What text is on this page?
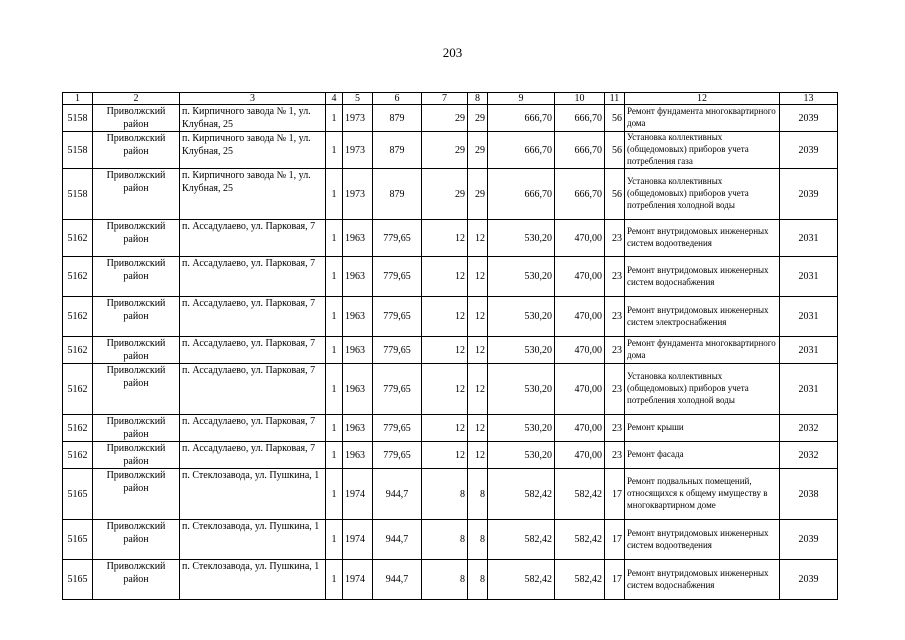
203
1	2	3	4	5	6	7	8	9	10	11	12	13
5158	Приволжский район	п. Кирпичного завода № 1, ул. Клубная, 25	1	1973	879	29	29	666,70	666,70	56	Ремонт фундамента многоквартирного дома	2039
5158	Приволжский район	п. Кирпичного завода № 1, ул. Клубная, 25	1	1973	879	29	29	666,70	666,70	56	Установка коллективных (общедомовых) приборов учета потребления газа	2039
5158	Приволжский район	п. Кирпичного завода № 1, ул. Клубная, 25	1	1973	879	29	29	666,70	666,70	56	Установка коллективных (общедомовых) приборов учета потребления холодной воды	2039
5162	Приволжский район	п. Ассадулаево, ул. Парковая, 7	1	1963	779,65	12	12	530,20	470,00	23	Ремонт внутридомовых инженерных систем водоотведения	2031
5162	Приволжский район	п. Ассадулаево, ул. Парковая, 7	1	1963	779,65	12	12	530,20	470,00	23	Ремонт внутридомовых инженерных систем водоснабжения	2031
5162	Приволжский район	п. Ассадулаево, ул. Парковая, 7	1	1963	779,65	12	12	530,20	470,00	23	Ремонт внутридомовых инженерных систем электроснабжения	2031
5162	Приволжский район	п. Ассадулаево, ул. Парковая, 7	1	1963	779,65	12	12	530,20	470,00	23	Ремонт фундамента многоквартирного дома	2031
5162	Приволжский район	п. Ассадулаево, ул. Парковая, 7	1	1963	779,65	12	12	530,20	470,00	23	Установка коллективных (общедомовых) приборов учета потребления холодной воды	2031
5162	Приволжский район	п. Ассадулаево, ул. Парковая, 7	1	1963	779,65	12	12	530,20	470,00	23	Ремонт крыши	2032
5162	Приволжский район	п. Ассадулаево, ул. Парковая, 7	1	1963	779,65	12	12	530,20	470,00	23	Ремонт фасада	2032
5165	Приволжский район	п. Стеклозавода, ул. Пушкина, 1	1	1974	944,7	8	8	582,42	582,42	17	Ремонт подвальных помещений, относящихся к общему имуществу в многоквартирном доме	2038
5165	Приволжский район	п. Стеклозавода, ул. Пушкина, 1	1	1974	944,7	8	8	582,42	582,42	17	Ремонт внутридомовых инженерных систем водоотведения	2039
5165	Приволжский район	п. Стеклозавода, ул. Пушкина, 1	1	1974	944,7	8	8	582,42	582,42	17	Ремонт внутридомовых инженерных систем водоснабжения	2039
